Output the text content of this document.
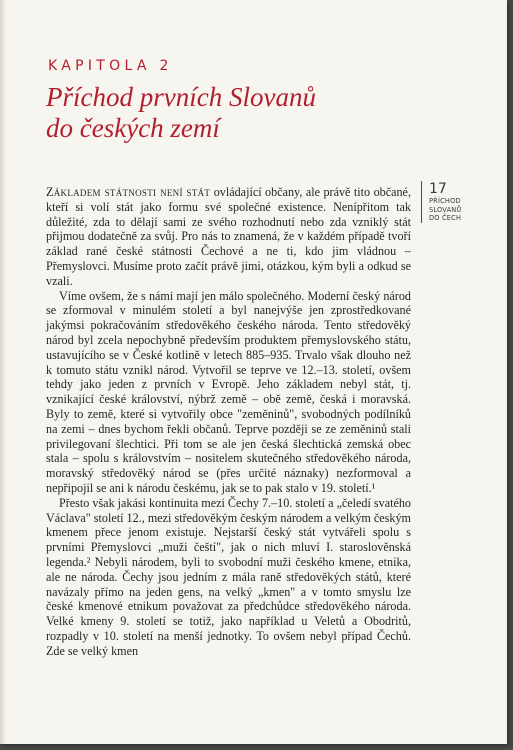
KAPITOLA 2
Příchod prvních Slovanů
do českých zemí
17
PŘÍCHOD
SLOVANŮ
DO ČECH

Základem státnosti není stát ovládající občany, ale právě tito občané, kteří si volí stát jako formu své společné existence. Nenípřitom tak důležité, zda to dělají sami ze svého rozhodnutí nebo zda vzniklý stát přijmou dodatečně za svůj. Pro nás to znamená, že v každém případě tvoří základ rané české státnosti Čechové a ne ti, kdo jim vládnou – Přemyslovci. Musíme proto začít právě jimi, otázkou, kým byli a odkud se vzali.

Víme ovšem, že s námi mají jen málo společného. Moderní český národ se zformoval v minulém století a byl nanejvýše jen zprostředkované jakýmsi pokračováním středověkého českého národa. Tento středověký národ byl zcela nepochybně především produktem přemyslovského státu, ustavujícího se v České kotlině v letech 885–935. Trvalo však dlouho než k tomuto státu vznikl národ. Vytvořil se teprve ve 12.–13. století, ovšem tehdy jako jeden z prvních v Evropě. Jeho základem nebyl stát, tj. vznikající české království, nýbrž země – obě země, česká i moravská. Byly to země, které si vytvořily obce "zeměninů", svobodných podílníků na zemi – dnes bychom řekli občanů. Teprve později se ze zeměninů stali privilegovaní šlechtici. Při tom se ale jen česká šlechtická zemská obec stala – spolu s královstvím – nositelem skutečného středověkého národa, moravský středověký národ se (přes určité náznaky) nezformoval a nepřipojil se ani k národu českému, jak se to pak stalo v 19. století.¹

Přesto však jakási kontinuita mezi Čechy 7.–10. století a „čeledí svatého Václava" století 12., mezi středověkým českým národem a velkým českým kmenem přece jenom existuje. Nejstarší český stát vytvářeli spolu s prvními Přemyslovci „muži čeští", jak o nich mluví I. staroslověnská legenda.² Nebyli národem, byli to svobodní muži českého kmene, etnika, ale ne národa. Čechy jsou jedním z mála raně středověkých států, které navázaly přímo na jeden gens, na velký „kmen" a v tomto smyslu lze české kmenové etnikum považovat za předchůdce středověkého národa. Velké kmeny 9. století se totiž, jako například u Veletů a Obodritů, rozpadly v 10. století na menší jednotky. To ovšem nebyl případ Čechů. Zde se velký kmen
